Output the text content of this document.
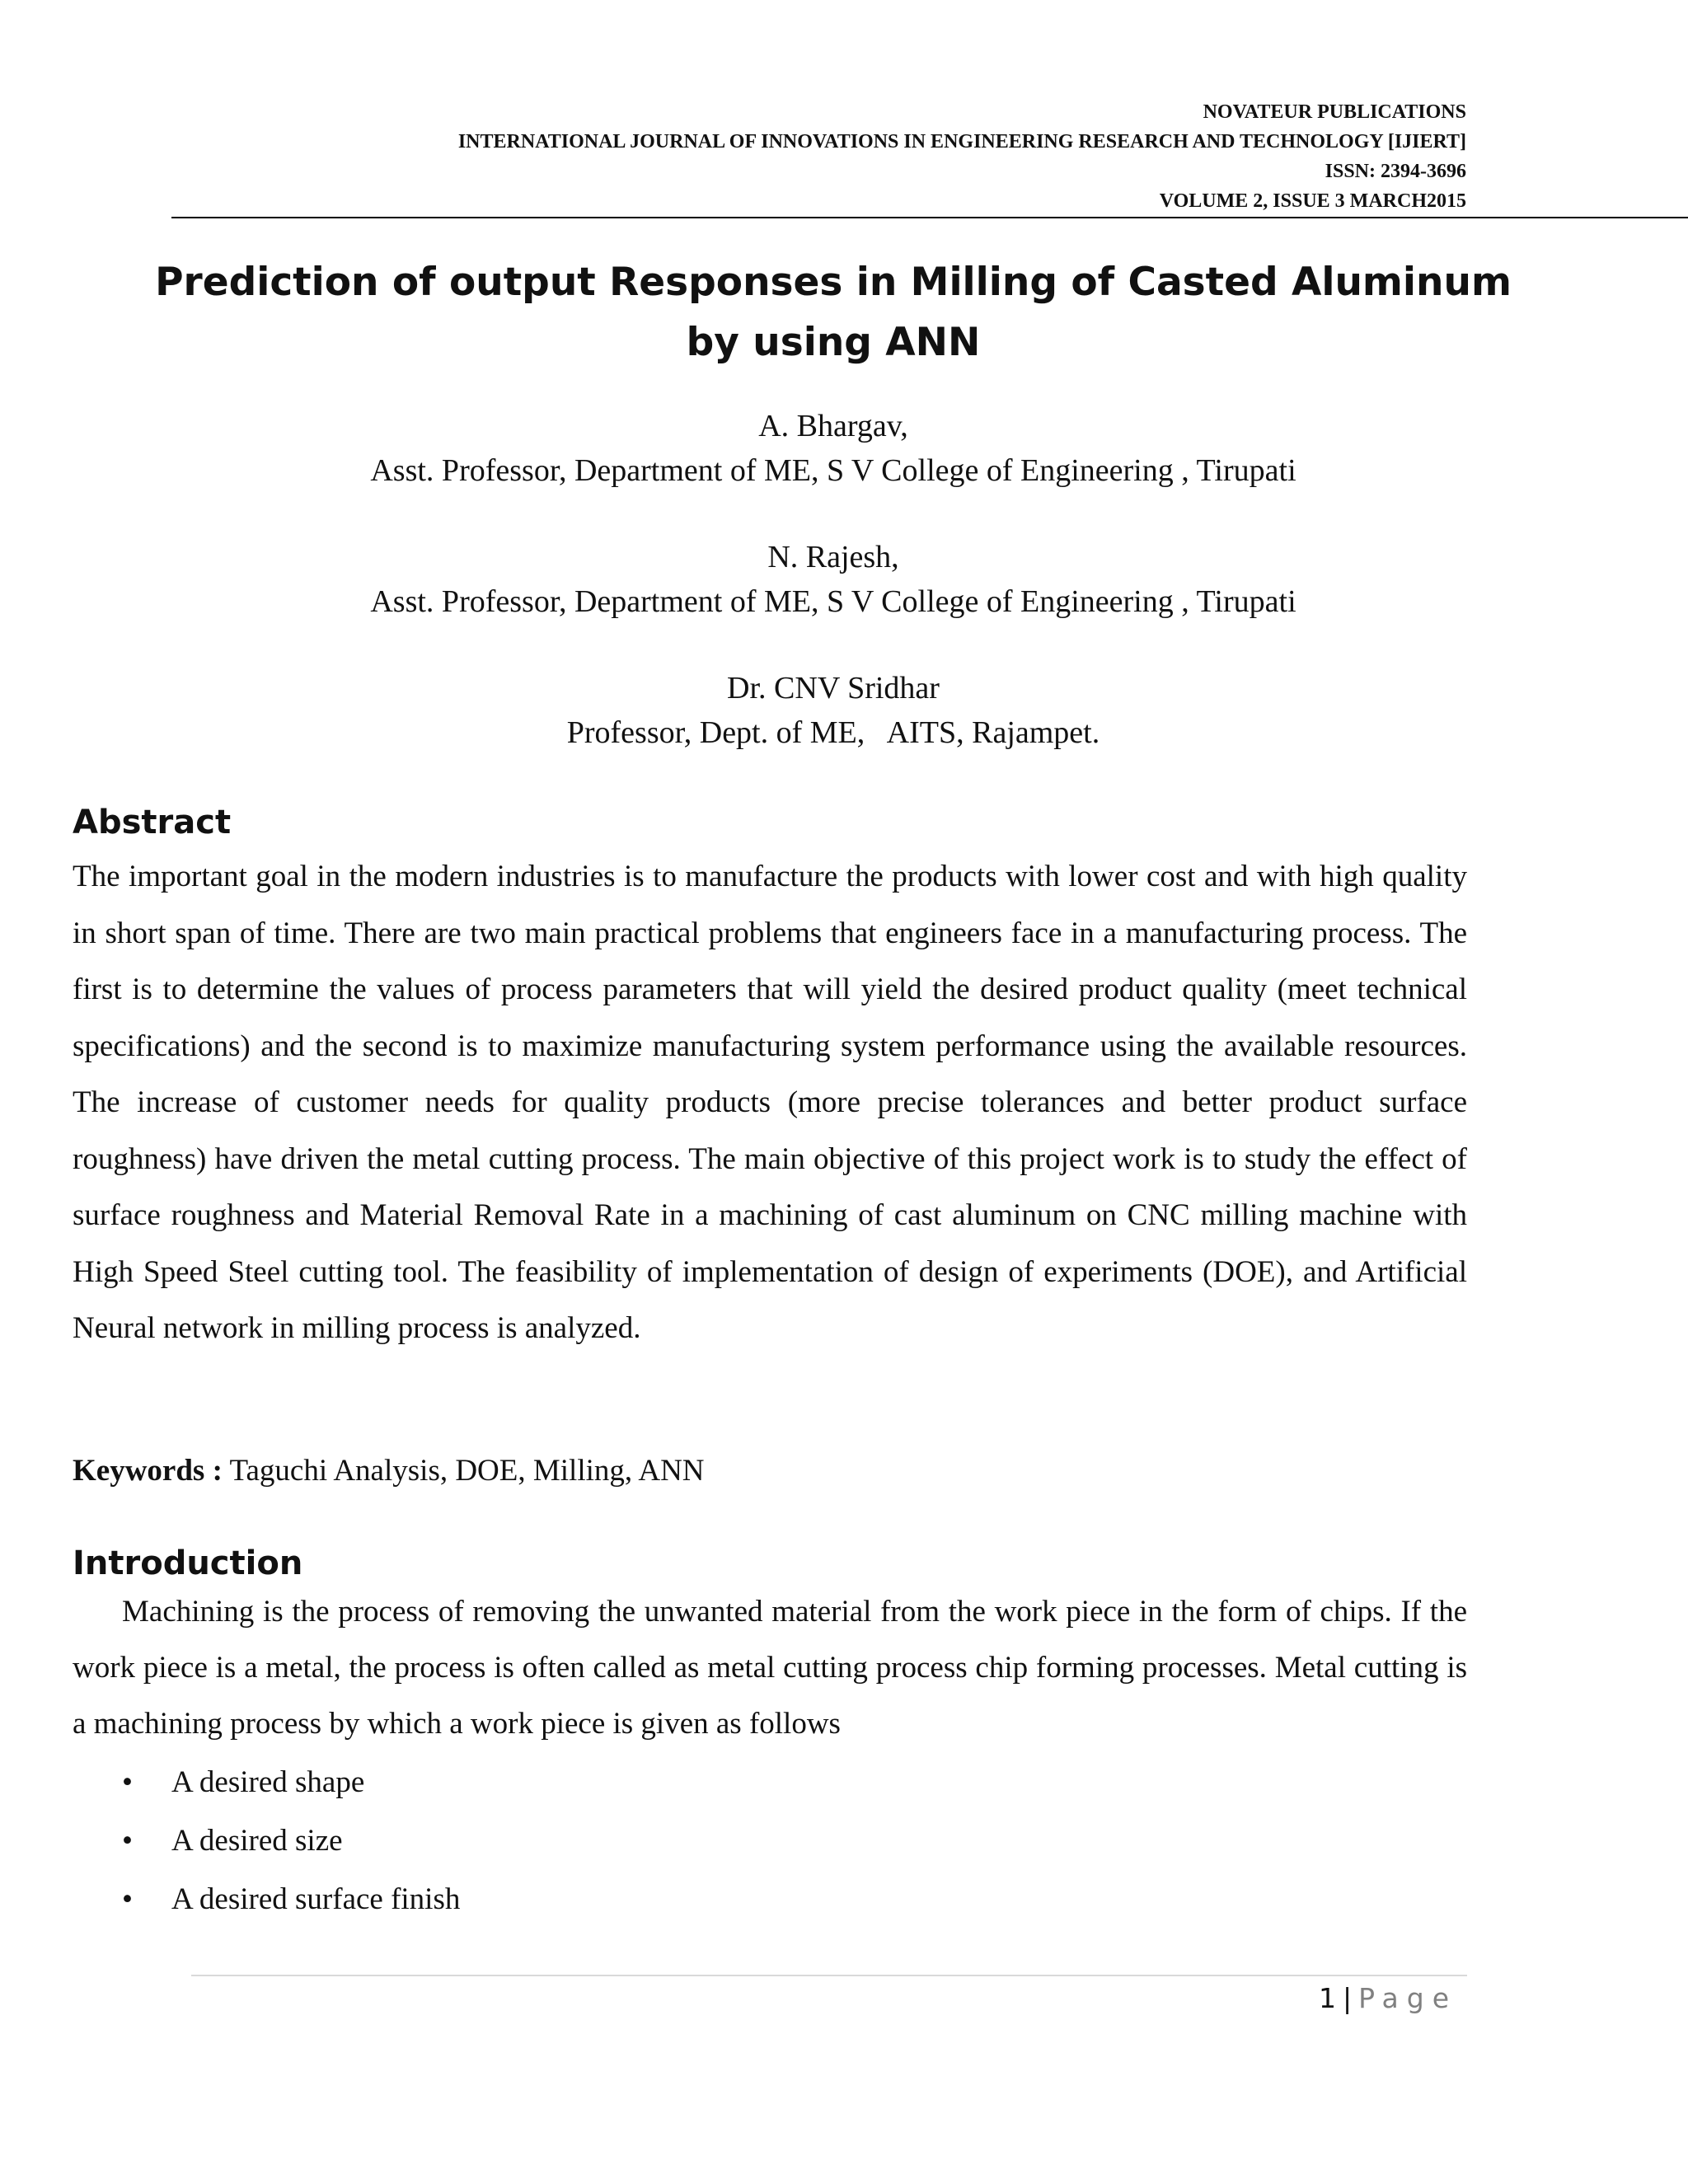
NOVATEUR PUBLICATIONS
INTERNATIONAL JOURNAL OF INNOVATIONS IN ENGINEERING RESEARCH AND TECHNOLOGY [IJIERT]
ISSN: 2394-3696
VOLUME 2, ISSUE 3 MARCH2015
Prediction of output Responses in Milling of Casted Aluminum
by using ANN
A. Bhargav,
Asst. Professor, Department of ME, S V College of Engineering , Tirupati
N. Rajesh,
Asst. Professor, Department of ME, S V College of Engineering , Tirupati
Dr. CNV Sridhar
Professor, Dept. of ME,   AITS, Rajampet.
Abstract

The important goal in the modern industries is to manufacture the products with lower cost and with high quality in short span of time. There are two main practical problems that engineers face in a manufacturing process. The first is to determine the values of process parameters that will yield the desired product quality (meet technical specifications) and the second is to maximize manufacturing system performance using the available resources. The increase of customer needs for quality products (more precise tolerances and better product surface roughness) have driven the metal cutting process. The main objective of this project work is to study the effect of surface roughness and Material Removal Rate in a machining of cast aluminum on CNC milling machine with High Speed Steel cutting tool. The feasibility of implementation of design of experiments (DOE), and Artificial Neural network in milling process is analyzed.

Keywords : Taguchi Analysis, DOE, Milling, ANN

Introduction

Machining is the process of removing the unwanted material from the work piece in the form of chips. If the work piece is a metal, the process is often called as metal cutting process chip forming processes. Metal cutting is a machining process by which a work piece is given as follows

• A desired shape
• A desired size
• A desired surface finish
1 | Page
